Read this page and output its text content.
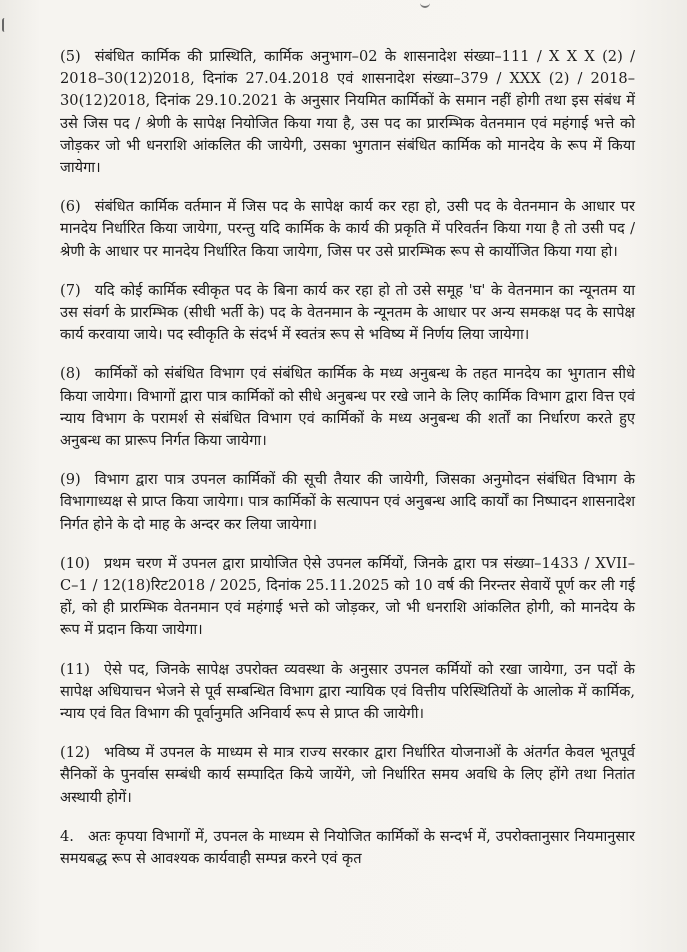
(5) संबंधित कार्मिक की प्रास्थिति, कार्मिक अनुभाग–02 के शासनादेश संख्या–111 / X X X (2) / 2018–30(12)2018, दिनांक 27.04.2018 एवं शासनादेश संख्या–379 / XXX (2) / 2018–30(12)2018, दिनांक 29.10.2021 के अनुसार नियमित कार्मिकों के समान नहीं होगी तथा इस संबंध में उसे जिस पद / श्रेणी के सापेक्ष नियोजित किया गया है, उस पद का प्रारम्भिक वेतनमान एवं महंगाई भत्ते को जोड़कर जो भी धनराशि आंकलित की जायेगी, उसका भुगतान संबंधित कार्मिक को मानदेय के रूप में किया जायेगा।

(6) संबंधित कार्मिक वर्तमान में जिस पद के सापेक्ष कार्य कर रहा हो, उसी पद के वेतनमान के आधार पर मानदेय निर्धारित किया जायेगा, परन्तु यदि कार्मिक के कार्य की प्रकृति में परिवर्तन किया गया है तो उसी पद / श्रेणी के आधार पर मानदेय निर्धारित किया जायेगा, जिस पर उसे प्रारम्भिक रूप से कार्योजित किया गया हो।

(7) यदि कोई कार्मिक स्वीकृत पद के बिना कार्य कर रहा हो तो उसे समूह 'घ' के वेतनमान का न्यूनतम या उस संवर्ग के प्रारम्भिक (सीधी भर्ती के) पद के वेतनमान के न्यूनतम के आधार पर अन्य समकक्ष पद के सापेक्ष कार्य करवाया जाये। पद स्वीकृति के संदर्भ में स्वतंत्र रूप से भविष्य में निर्णय लिया जायेगा।

(8) कार्मिकों को संबंधित विभाग एवं संबंधित कार्मिक के मध्य अनुबन्ध के तहत मानदेय का भुगतान सीधे किया जायेगा। विभागों द्वारा पात्र कार्मिकों को सीधे अनुबन्ध पर रखे जाने के लिए कार्मिक विभाग द्वारा वित्त एवं न्याय विभाग के परामर्श से संबंधित विभाग एवं कार्मिकों के मध्य अनुबन्ध की शर्तों का निर्धारण करते हुए अनुबन्ध का प्रारूप निर्गत किया जायेगा।

(9) विभाग द्वारा पात्र उपनल कार्मिकों की सूची तैयार की जायेगी, जिसका अनुमोदन संबंधित विभाग के विभागाध्यक्ष से प्राप्त किया जायेगा। पात्र कार्मिकों के सत्यापन एवं अनुबन्ध आदि कार्यों का निष्पादन शासनादेश निर्गत होने के दो माह के अन्दर कर लिया जायेगा।

(10) प्रथम चरण में उपनल द्वारा प्रायोजित ऐसे उपनल कर्मियों, जिनके द्वारा पत्र संख्या–1433 / XVII–C–1 / 12(18)रिट2018 / 2025, दिनांक 25.11.2025 को 10 वर्ष की निरन्तर सेवायें पूर्ण कर ली गई हों, को ही प्रारम्भिक वेतनमान एवं महंगाई भत्ते को जोड़कर, जो भी धनराशि आंकलित होगी, को मानदेय के रूप में प्रदान किया जायेगा।

(11) ऐसे पद, जिनके सापेक्ष उपरोक्त व्यवस्था के अनुसार उपनल कर्मियों को रखा जायेगा, उन पदों के सापेक्ष अधियाचन भेजने से पूर्व सम्बन्धित विभाग द्वारा न्यायिक एवं वित्तीय परिस्थितियों के आलोक में कार्मिक, न्याय एवं वित विभाग की पूर्वानुमति अनिवार्य रूप से प्राप्त की जायेगी।

(12) भविष्य में उपनल के माध्यम से मात्र राज्य सरकार द्वारा निर्धारित योजनाओं के अंतर्गत केवल भूतपूर्व सैनिकों के पुनर्वास सम्बंधी कार्य सम्पादित किये जायेंगे, जो निर्धारित समय अवधि के लिए होंगे तथा नितांत अस्थायी होगें।

4. अतः कृपया विभागों में, उपनल के माध्यम से नियोजित कार्मिकों के सन्दर्भ में, उपरोक्तानुसार नियमानुसार समयबद्ध रूप से आवश्यक कार्यवाही सम्पन्न करने एवं कृत
